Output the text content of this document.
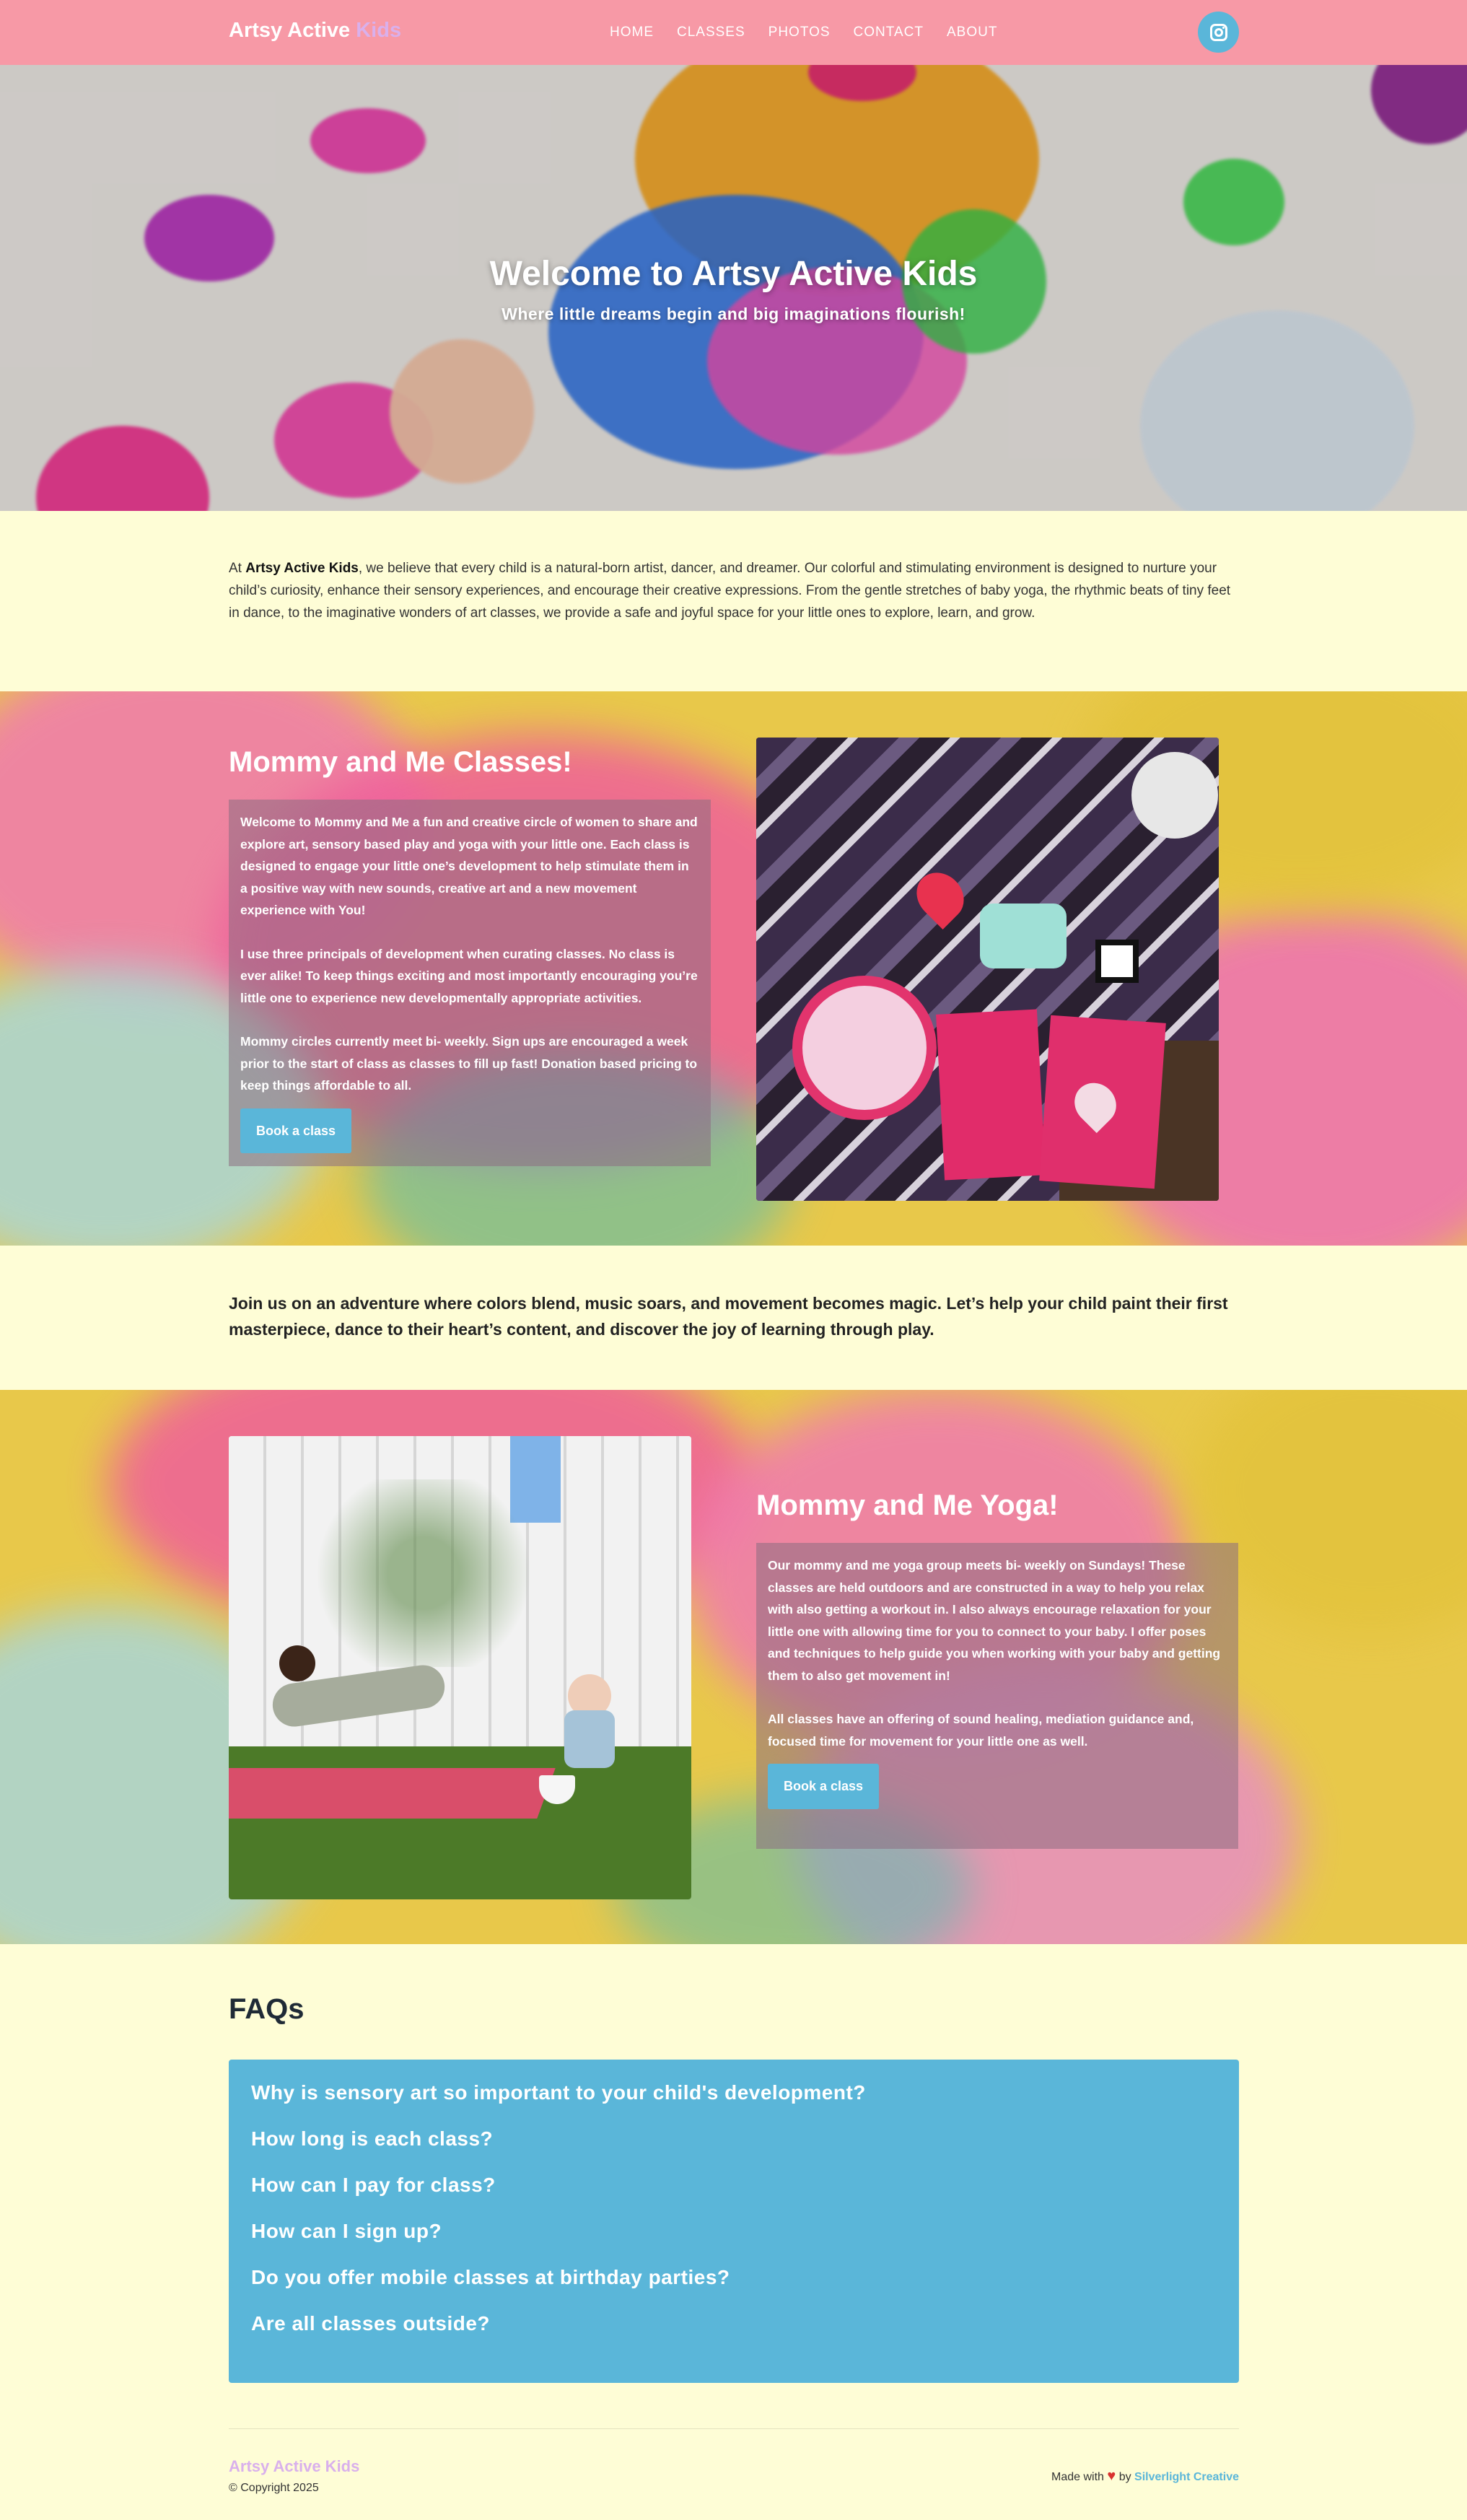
Artsy Active Kids	HOME CLASSES PHOTOS CONTACT ABOUT
Welcome to Artsy Active Kids
Where little dreams begin and big imaginations flourish!

At Artsy Active Kids, we believe that every child is a natural-born artist, dancer, and dreamer. Our colorful and stimulating environment is designed to nurture your child’s curiosity, enhance their sensory experiences, and encourage their creative expressions. From the gentle stretches of baby yoga, the rhythmic beats of tiny feet in dance, to the imaginative wonders of art classes, we provide a safe and joyful space for your little ones to explore, learn, and grow.

Mommy and Me Classes!

Welcome to Mommy and Me a fun and creative circle of women to share and explore art, sensory based play and yoga with your little one. Each class is designed to engage your little one’s development to help stimulate them in a positive way with new sounds, creative art and a new movement experience with You!

I use three principals of development when curating classes. No class is ever alike! To keep things exciting and most importantly encouraging you’re little one to experience new developmentally appropriate activities.

Mommy circles currently meet bi- weekly. Sign ups are encouraged a week prior to the start of class as classes to fill up fast! Donation based pricing to keep things affordable to all.

Book a class

Join us on an adventure where colors blend, music soars, and movement becomes magic. Let’s help your child paint their first masterpiece, dance to their heart’s content, and discover the joy of learning through play.

Mommy and Me Yoga!

Our mommy and me yoga group meets bi- weekly on Sundays! These classes are held outdoors and are constructed in a way to help you relax with also getting a workout in. I also always encourage relaxation for your little one with allowing time for you to connect to your baby. I offer poses and techniques to help guide you when working with your baby and getting them to also get movement in!

All classes have an offering of sound healing, mediation guidance and, focused time for movement for your little one as well.

Book a class
FAQs
Why is sensory art so important to your child's development?
How long is each class?
How can I pay for class?
How can I sign up?
Do you offer mobile classes at birthday parties?
Are all classes outside?
Artsy Active Kids
© Copyright 2025
Made with ♥ by Silverlight Creative
